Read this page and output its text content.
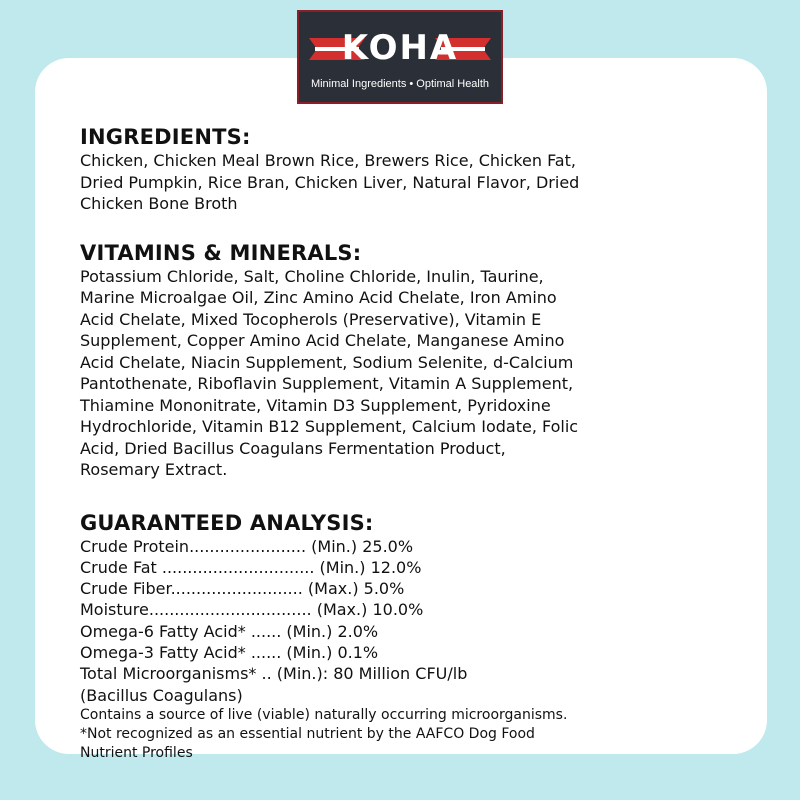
KOHA
Minimal Ingredients • Optimal Health
INGREDIENTS:
Chicken, Chicken Meal Brown Rice, Brewers Rice, Chicken Fat,
Dried Pumpkin, Rice Bran, Chicken Liver, Natural Flavor, Dried
Chicken Bone Broth
VITAMINS & MINERALS:
Potassium Chloride, Salt, Choline Chloride, Inulin, Taurine,
Marine Microalgae Oil, Zinc Amino Acid Chelate, Iron Amino
Acid Chelate, Mixed Tocopherols (Preservative), Vitamin E
Supplement, Copper Amino Acid Chelate, Manganese Amino
Acid Chelate, Niacin Supplement, Sodium Selenite, d-Calcium
Pantothenate, Riboflavin Supplement, Vitamin A Supplement,
Thiamine Mononitrate, Vitamin D3 Supplement, Pyridoxine
Hydrochloride, Vitamin B12 Supplement, Calcium Iodate, Folic
Acid, Dried Bacillus Coagulans Fermentation Product,
Rosemary Extract.
GUARANTEED ANALYSIS:
Crude Protein....................... (Min.) 25.0%
Crude Fat .............................. (Min.) 12.0%
Crude Fiber.......................... (Max.) 5.0%
Moisture................................ (Max.) 10.0%
Omega-6 Fatty Acid* ...... (Min.) 2.0%
Omega-3 Fatty Acid* ...... (Min.) 0.1%
Total Microorganisms* .. (Min.): 80 Million CFU/lb
(Bacillus Coagulans)
Contains a source of live (viable) naturally occurring microorganisms.
*Not recognized as an essential nutrient by the AAFCO Dog Food
Nutrient Profiles
